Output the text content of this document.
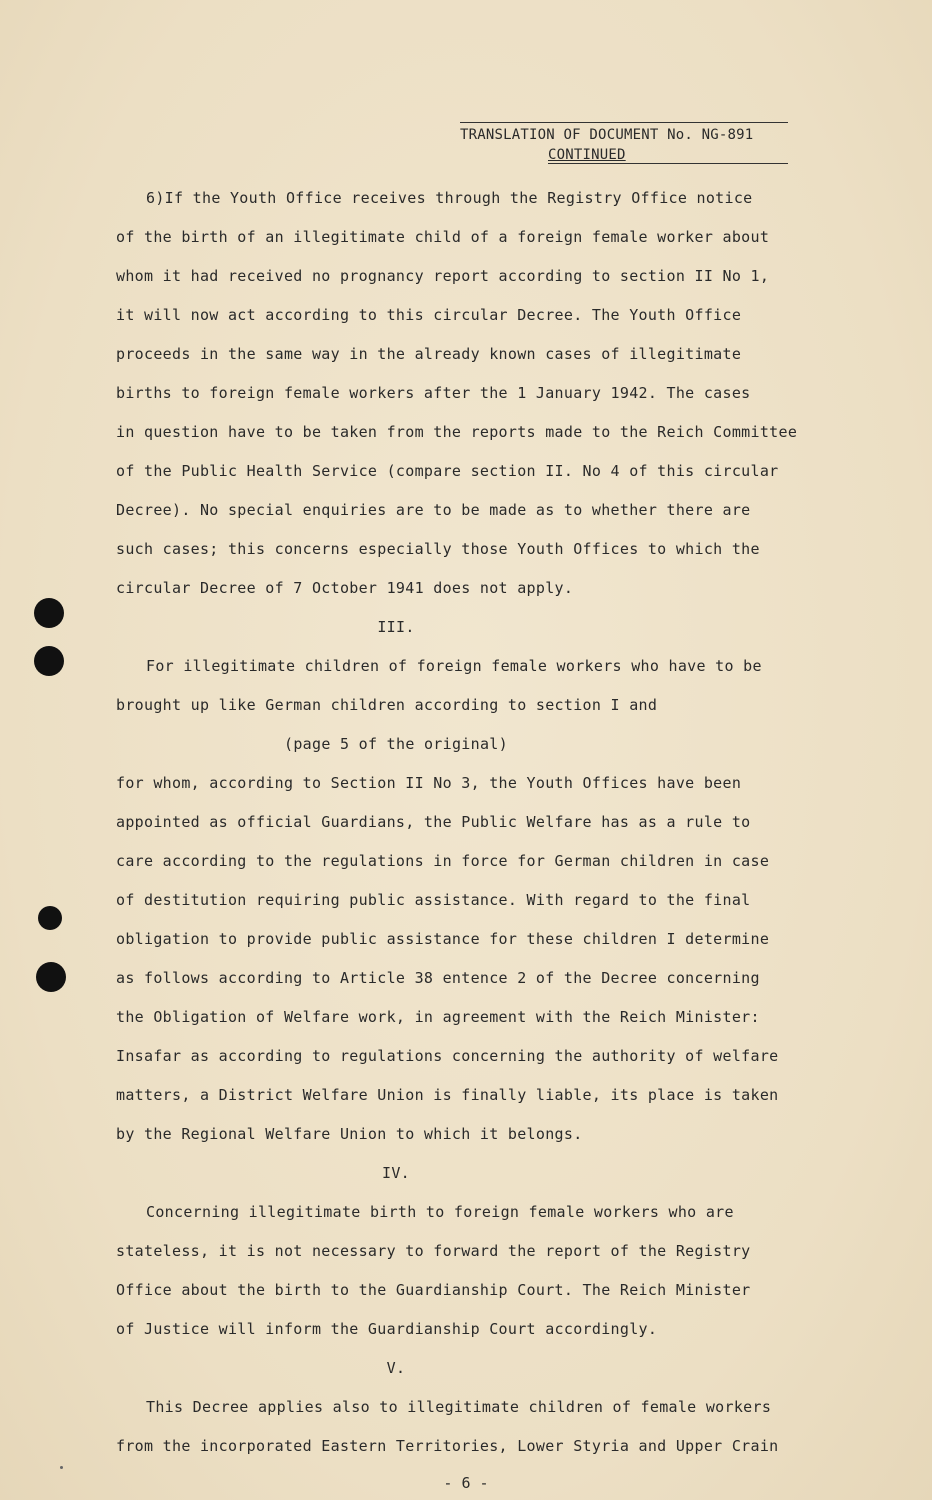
TRANSLATION OF DOCUMENT No. NG-891
CONTINUED
6)If the Youth Office receives through the Registry Office notice
of the birth of an illegitimate child of a foreign female worker about
whom it had received no prognancy report according to section II No 1,
it will now act according to this circular Decree. The Youth Office
proceeds in the same way in the already known cases of illegitimate
births to foreign female workers after the 1 January 1942. The cases
in question have to be taken from the reports made to the Reich Committee
of the Public Health Service (compare section II. No 4 of this circular
Decree). No special enquiries are to be made as to whether there are
such cases; this concerns especially those Youth Offices to which the
circular Decree of 7 October 1941 does not apply.
III.
For illegitimate children of foreign female workers who have to be
brought up like German children according to section I and
(page 5 of the original)
for whom, according to Section II No 3, the Youth Offices have been
appointed as official Guardians, the Public Welfare has as a rule to
care according to the regulations in force for German children in case
of destitution requiring public assistance. With regard to the final
obligation to provide public assistance for these children I determine
as follows according to Article 38 entence 2 of the Decree concerning
the Obligation of Welfare work, in agreement with the Reich Minister:
Insafar as according to regulations concerning the authority of welfare
matters, a District Welfare Union is finally liable, its place is taken
by the Regional Welfare Union to which it belongs.
IV.
Concerning illegitimate birth to foreign female workers who are
stateless, it is not necessary to forward the report of the Registry
Office about the birth to the Guardianship Court. The Reich Minister
of Justice will inform the Guardianship Court accordingly.
V.
This Decree applies also to illegitimate children of female workers
from the incorporated Eastern Territories, Lower Styria and Upper Crain
- 6 -
